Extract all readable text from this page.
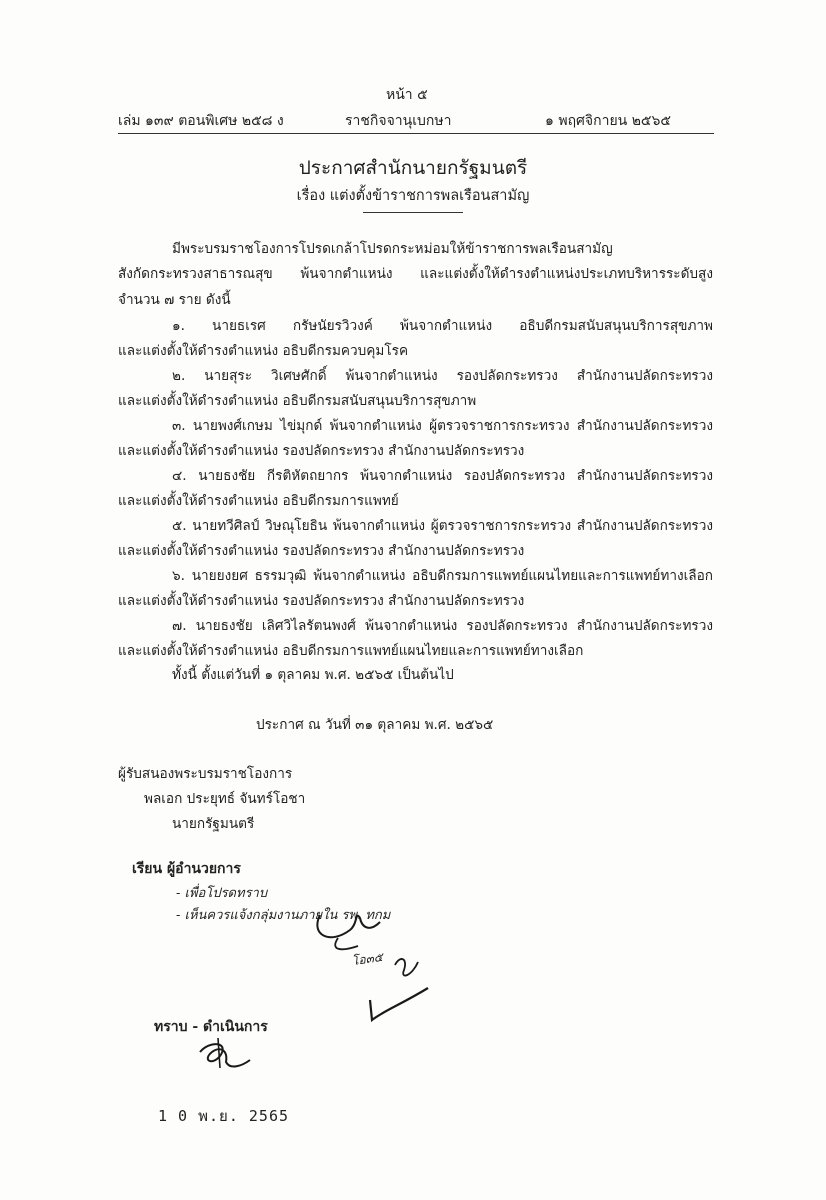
หน้า ๕
เล่ม ๑๓๙ ตอนพิเศษ ๒๕๘ ง	ราชกิจจานุเบกษา	๑ พฤศจิกายน ๒๕๖๕
ประกาศสำนักนายกรัฐมนตรี
เรื่อง แต่งตั้งข้าราชการพลเรือนสามัญ
มีพระบรมราชโองการโปรดเกล้าโปรดกระหม่อมให้ข้าราชการพลเรือนสามัญ
สังกัดกระทรวงสาธารณสุข พ้นจากตำแหน่ง และแต่งตั้งให้ดำรงตำแหน่งประเภทบริหารระดับสูง
จำนวน ๗ ราย ดังนี้
๑. นายธเรศ กรัษนัยรวิวงค์ พ้นจากตำแหน่ง อธิบดีกรมสนับสนุนบริการสุขภาพ
และแต่งตั้งให้ดำรงตำแหน่ง อธิบดีกรมควบคุมโรค
๒. นายสุระ วิเศษศักดิ์ พ้นจากตำแหน่ง รองปลัดกระทรวง สำนักงานปลัดกระทรวง
และแต่งตั้งให้ดำรงตำแหน่ง อธิบดีกรมสนับสนุนบริการสุขภาพ
๓. นายพงศ์เกษม ไข่มุกด์ พ้นจากตำแหน่ง ผู้ตรวจราชการกระทรวง สำนักงานปลัดกระทรวง
และแต่งตั้งให้ดำรงตำแหน่ง รองปลัดกระทรวง สำนักงานปลัดกระทรวง
๔. นายธงชัย กีรติหัตถยากร พ้นจากตำแหน่ง รองปลัดกระทรวง สำนักงานปลัดกระทรวง
และแต่งตั้งให้ดำรงตำแหน่ง อธิบดีกรมการแพทย์
๕. นายทวีศิลป์ วิษณุโยธิน พ้นจากตำแหน่ง ผู้ตรวจราชการกระทรวง สำนักงานปลัดกระทรวง
และแต่งตั้งให้ดำรงตำแหน่ง รองปลัดกระทรวง สำนักงานปลัดกระทรวง
๖. นายยงยศ ธรรมวุฒิ พ้นจากตำแหน่ง อธิบดีกรมการแพทย์แผนไทยและการแพทย์ทางเลือก
และแต่งตั้งให้ดำรงตำแหน่ง รองปลัดกระทรวง สำนักงานปลัดกระทรวง
๗. นายธงชัย เลิศวิไลรัตนพงศ์ พ้นจากตำแหน่ง รองปลัดกระทรวง สำนักงานปลัดกระทรวง
และแต่งตั้งให้ดำรงตำแหน่ง อธิบดีกรมการแพทย์แผนไทยและการแพทย์ทางเลือก
ทั้งนี้ ตั้งแต่วันที่ ๑ ตุลาคม พ.ศ. ๒๕๖๕ เป็นต้นไป
ประกาศ ณ วันที่ ๓๑ ตุลาคม พ.ศ. ๒๕๖๕
ผู้รับสนองพระบรมราชโองการ
พลเอก ประยุทธ์ จันทร์โอชา
นายกรัฐมนตรี
เรียน ผู้อำนวยการ
- เพื่อโปรดทราบ
- เห็นควรแจ้งกลุ่มงานภายใน รพ. ทกม
โอ๓๕
ทราบ - ดำเนินการ
1 0 พ.ย. 2565
